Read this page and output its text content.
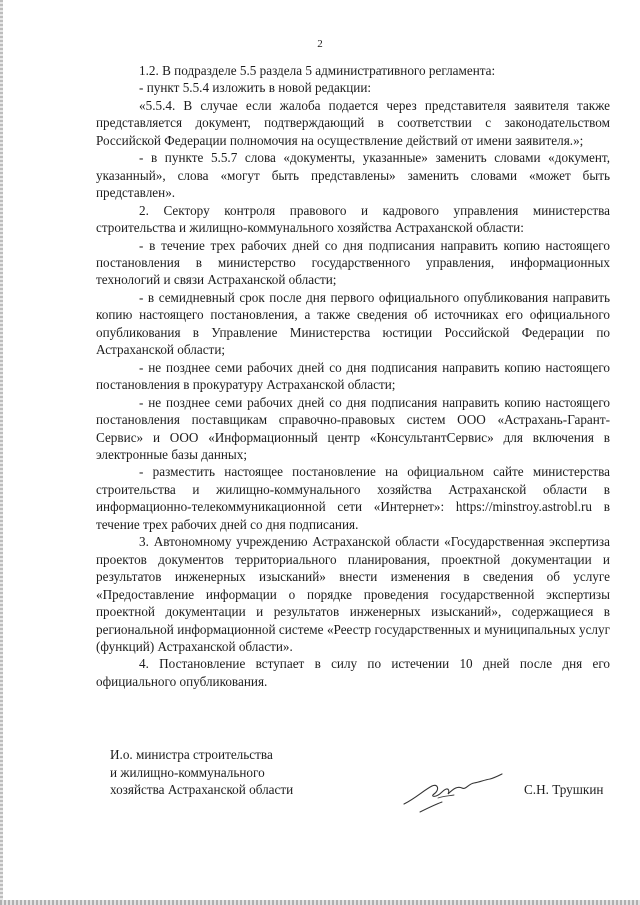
2

1.2. В подразделе 5.5 раздела 5 административного регламента:

- пункт 5.5.4 изложить в новой редакции:

«5.5.4. В случае если жалоба подается через представителя заявителя также представляется документ, подтверждающий в соответствии с законодательством Российской Федерации полномочия на осуществление действий от имени заявителя.»;

- в пункте 5.5.7 слова «документы, указанные» заменить словами «документ, указанный», слова «могут быть представлены» заменить словами «может быть представлен».

2. Сектору контроля правового и кадрового управления министерства строительства и жилищно-коммунального хозяйства Астраханской области:

- в течение трех рабочих дней со дня подписания направить копию настоящего постановления в министерство государственного управления, информационных технологий и связи Астраханской области;

- в семидневный срок после дня первого официального опубликования направить копию настоящего постановления, а также сведения об источниках его официального опубликования в Управление Министерства юстиции Российской Федерации по Астраханской области;

- не позднее семи рабочих дней со дня подписания направить копию настоящего постановления в прокуратуру Астраханской области;

- не позднее семи рабочих дней со дня подписания направить копию настоящего постановления поставщикам справочно-правовых систем ООО «Астрахань-Гарант-Сервис» и ООО «Информационный центр «КонсультантСервис» для включения в электронные базы данных;

- разместить настоящее постановление на официальном сайте министерства строительства и жилищно-коммунального хозяйства Астраханской области в информационно-телекоммуникационной сети «Интернет»: https://minstroy.astrobl.ru в течение трех рабочих дней со дня подписания.

3. Автономному учреждению Астраханской области «Государственная экспертиза проектов документов территориального планирования, проектной документации и результатов инженерных изысканий» внести изменения в сведения об услуге «Предоставление информации о порядке проведения государственной экспертизы проектной документации и результатов инженерных изысканий», содержащиеся в региональной информационной системе «Реестр государственных и муниципальных услуг (функций) Астраханской области».

4. Постановление вступает в силу по истечении 10 дней после дня его официального опубликования.

И.о. министра строительства
и жилищно-коммунального
хозяйства Астраханской области	С.Н. Трушкин
